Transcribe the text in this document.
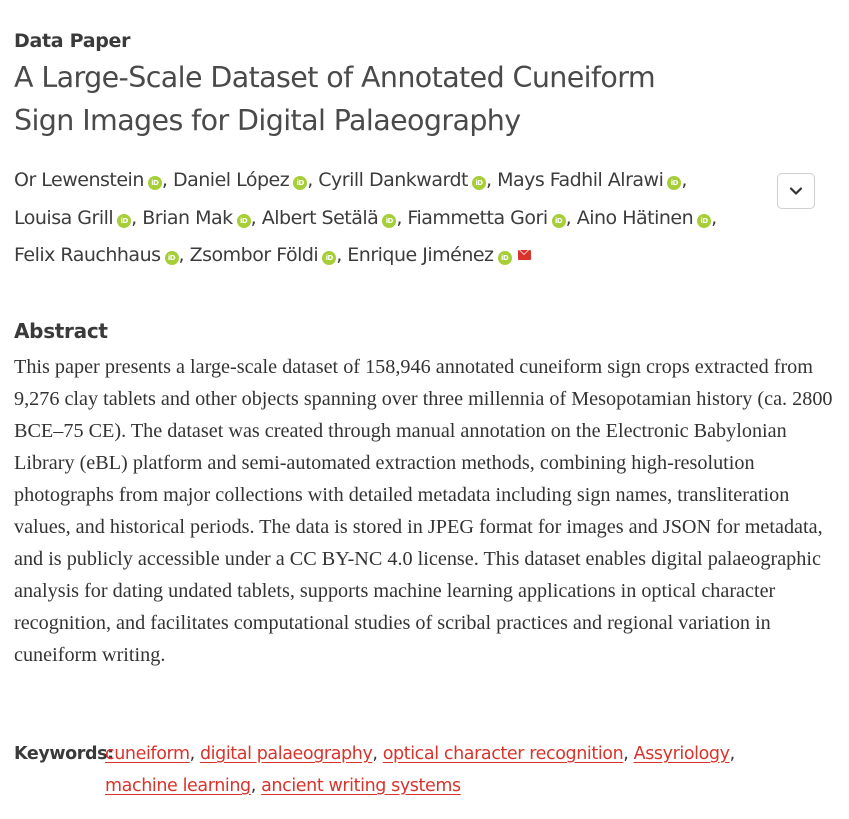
Data Paper

A Large-Scale Dataset of Annotated Cuneiform Sign Images for Digital Palaeography
Or Lewenstein iD , Daniel López iD , Cyrill Dankwardt iD , Mays Fadhil Alrawi iD ,
Louisa Grill iD , Brian Mak iD , Albert Setälä iD , Fiammetta Gori iD , Aino Hätinen iD ,
Felix Rauchhaus iD , Zsombor Földi iD , Enrique Jiménez iD
Abstract

This paper presents a large-scale dataset of 158,946 annotated cuneiform sign crops extracted from 9,276 clay tablets and other objects spanning over three millennia of Mesopotamian history (ca. 2800 BCE–75 CE). The dataset was created through manual annotation on the Electronic Babylonian Library (eBL) platform and semi-automated extraction methods, combining high-resolution photographs from major collections with detailed metadata including sign names, transliteration values, and historical periods. The data is stored in JPEG format for images and JSON for metadata, and is publicly accessible under a CC BY-NC 4.0 license. This dataset enables digital palaeographic analysis for dating undated tablets, supports machine learning applications in optical character recognition, and facilitates computational studies of scribal practices and regional variation in cuneiform writing.

Keywords:
cuneiform, digital palaeography, optical character recognition, Assyriology, machine learning, ancient writing systems
